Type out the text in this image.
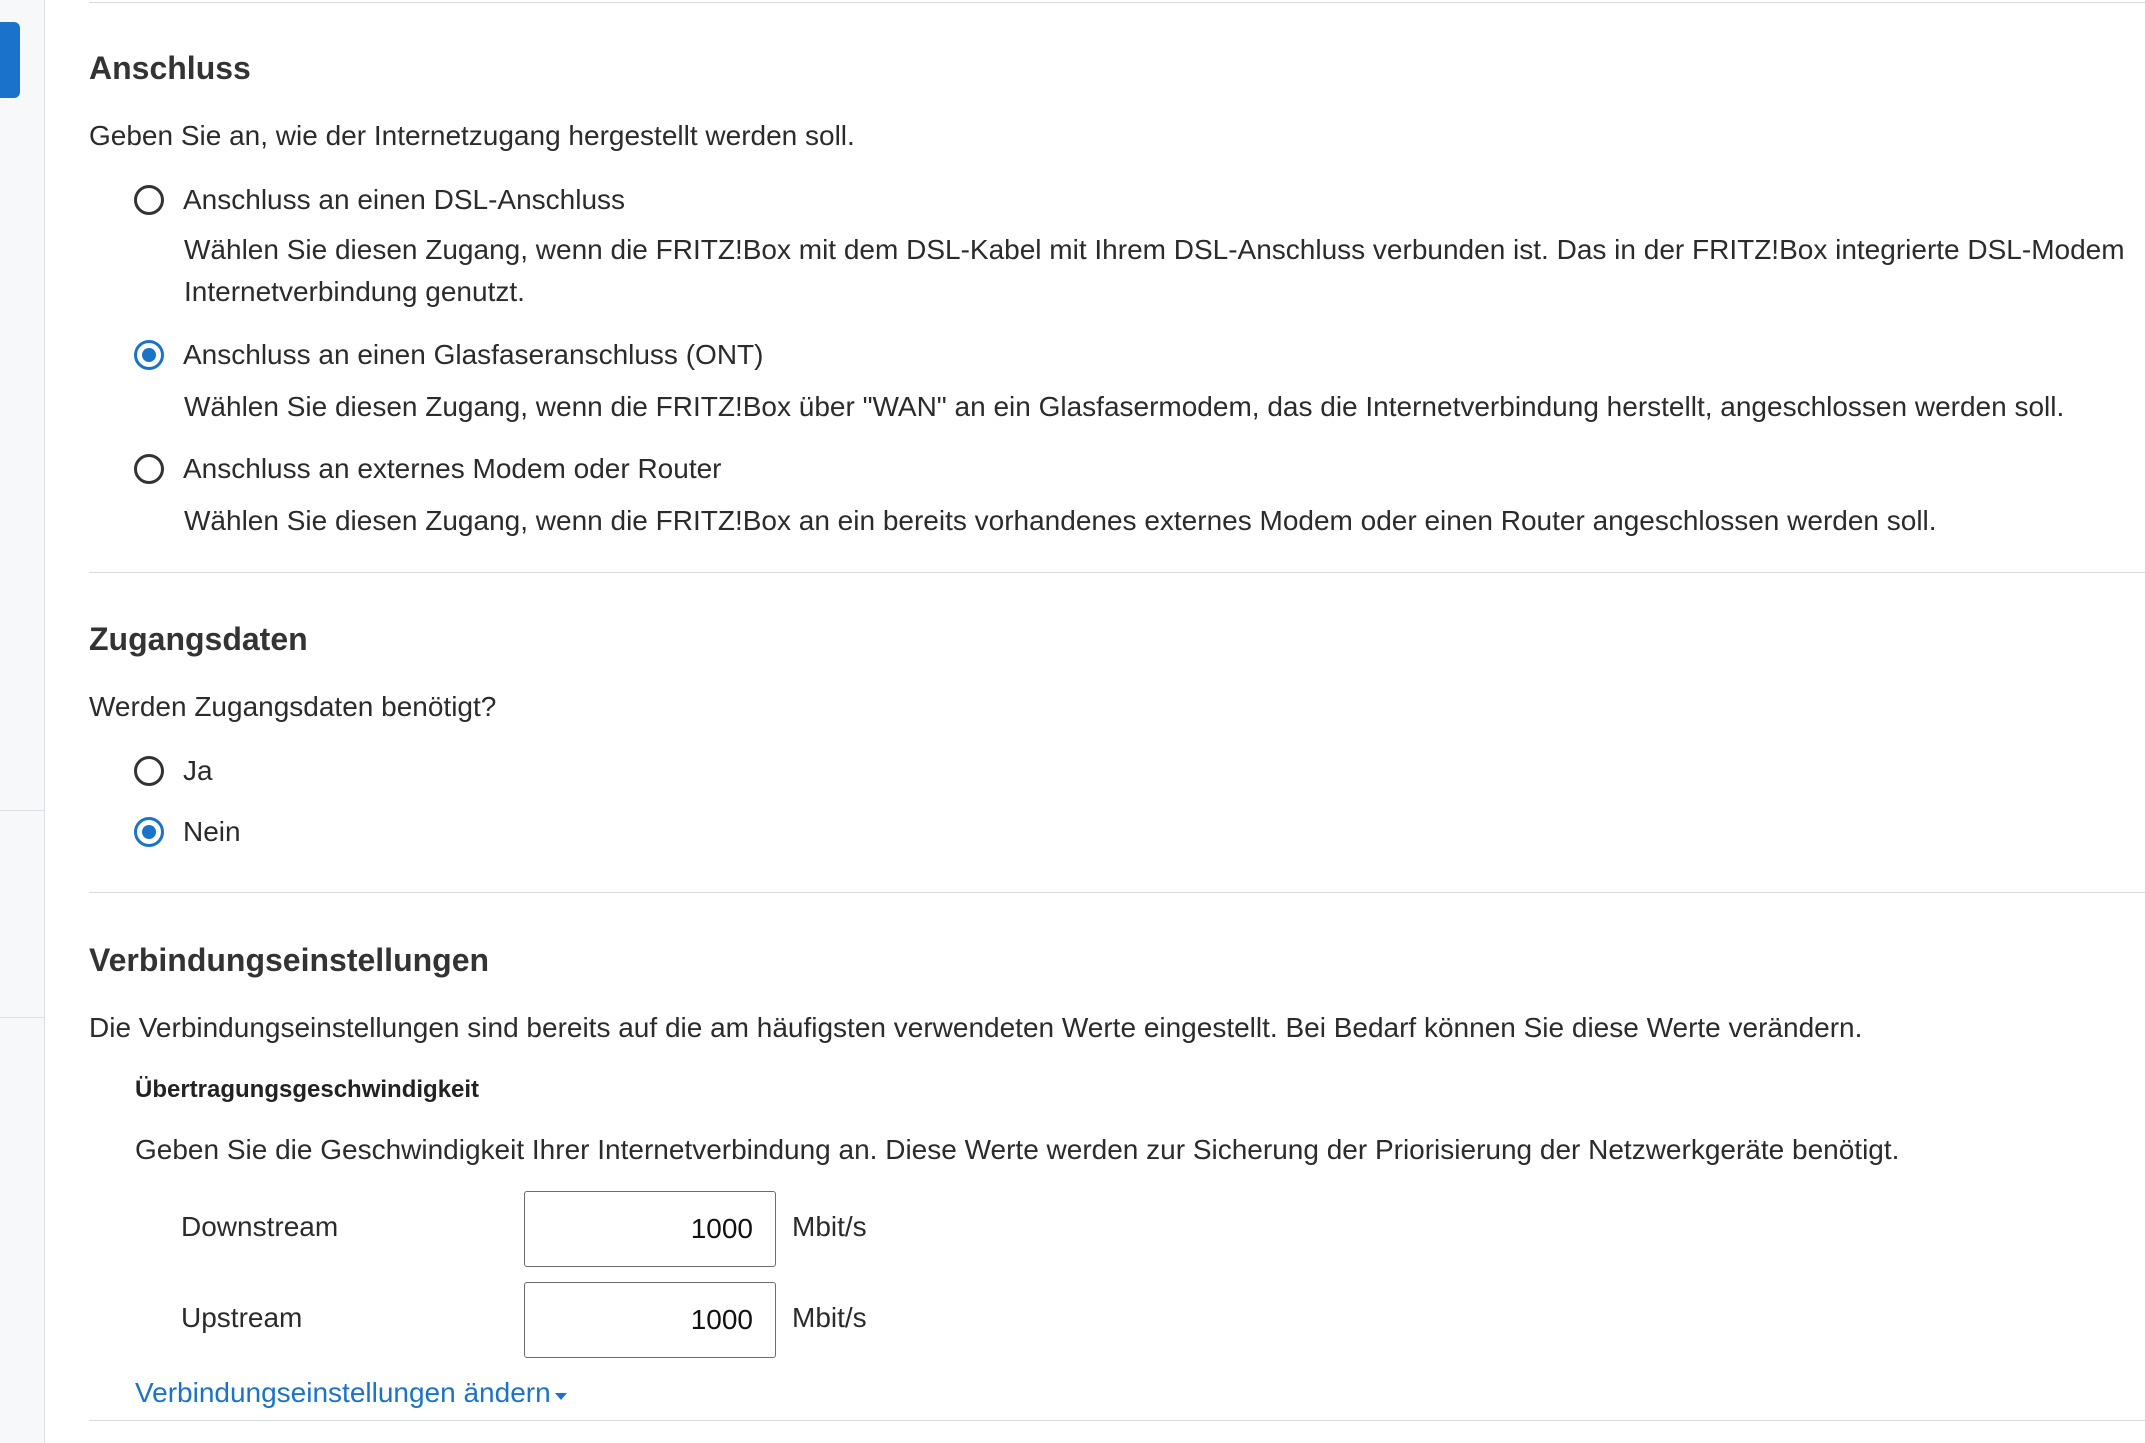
Anschluss
Geben Sie an, wie der Internetzugang hergestellt werden soll.
Anschluss an einen DSL-Anschluss
Wählen Sie diesen Zugang, wenn die FRITZ!Box mit dem DSL-Kabel mit Ihrem DSL-Anschluss verbunden ist. Das in der FRITZ!Box integrierte DSL-Modem
Internetverbindung genutzt.
Anschluss an einen Glasfaseranschluss (ONT)
Wählen Sie diesen Zugang, wenn die FRITZ!Box über "WAN" an ein Glasfasermodem, das die Internetverbindung herstellt, angeschlossen werden soll.
Anschluss an externes Modem oder Router
Wählen Sie diesen Zugang, wenn die FRITZ!Box an ein bereits vorhandenes externes Modem oder einen Router angeschlossen werden soll.
Zugangsdaten
Werden Zugangsdaten benötigt?
Ja
Nein
Verbindungseinstellungen
Die Verbindungseinstellungen sind bereits auf die am häufigsten verwendeten Werte eingestellt. Bei Bedarf können Sie diese Werte verändern.
Übertragungsgeschwindigkeit
Geben Sie die Geschwindigkeit Ihrer Internetverbindung an. Diese Werte werden zur Sicherung der Priorisierung der Netzwerkgeräte benötigt.
Downstream
1000	Mbit/s
Upstream
1000	Mbit/s
Verbindungseinstellungen ändern
